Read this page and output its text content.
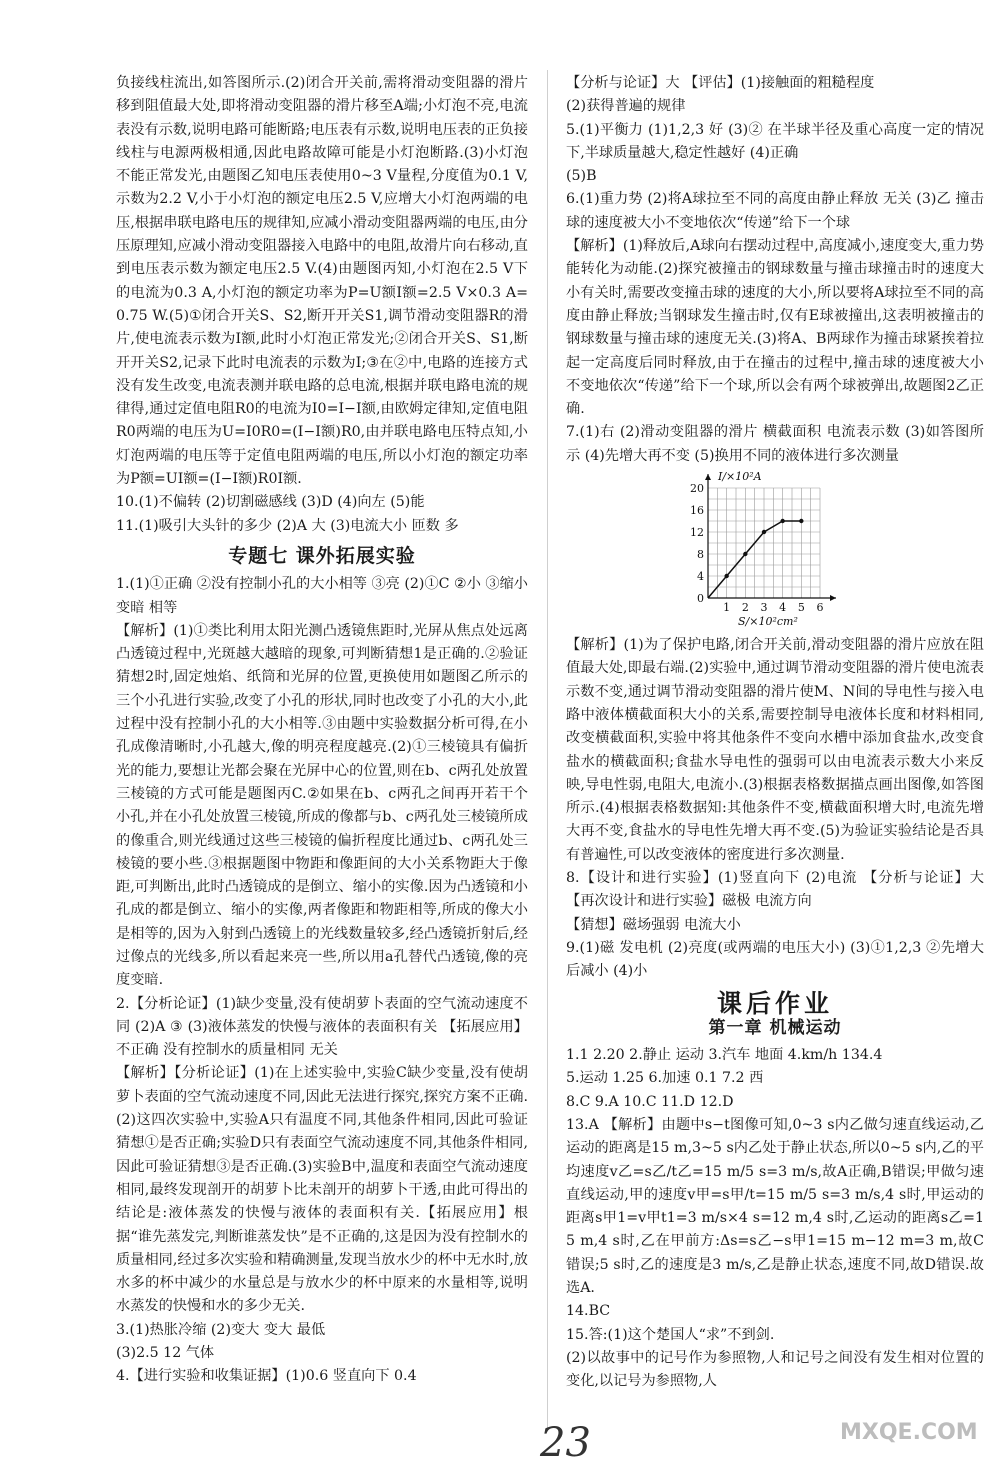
负接线柱流出,如答图所示.(2)闭合开关前,需将滑动变阻器的滑片移到阻值最大处,即将滑动变阻器的滑片移至A端;小灯泡不亮,电流表没有示数,说明电路可能断路;电压表有示数,说明电压表的正负接线柱与电源两极相通,因此电路故障可能是小灯泡断路.(3)小灯泡不能正常发光,由题图乙知电压表使用0~3 V量程,分度值为0.1 V,示数为2.2 V,小于小灯泡的额定电压2.5 V,应增大小灯泡两端的电压,根据串联电路电压的规律知,应减小滑动变阻器两端的电压,由分压原理知,应减小滑动变阻器接入电路中的电阻,故滑片向右移动,直到电压表示数为额定电压2.5 V.(4)由题图丙知,小灯泡在2.5 V下的电流为0.3 A,小灯泡的额定功率为P=U额I额=2.5 V×0.3 A=0.75 W.(5)①闭合开关S、S2,断开开关S1,调节滑动变阻器R的滑片,使电流表示数为I额,此时小灯泡正常发光;②闭合开关S、S1,断开开关S2,记录下此时电流表的示数为I;③在②中,电路的连接方式没有发生改变,电流表测并联电路的总电流,根据并联电路电流的规律得,通过定值电阻R0的电流为I0=I−I额,由欧姆定律知,定值电阻R0两端的电压为U=I0R0=(I−I额)R0,由并联电路电压特点知,小灯泡两端的电压等于定值电阻两端的电压,所以小灯泡的额定功率为P额=UI额=(I−I额)R0I额.

10.(1)不偏转 (2)切割磁感线 (3)D (4)向左 (5)能

11.(1)吸引大头针的多少 (2)A 大 (3)电流大小 匝数 多

专题七 课外拓展实验

1.(1)①正确 ②没有控制小孔的大小相等 ③亮 (2)①C ②小 ③缩小 变暗 相等

【解析】(1)①类比利用太阳光测凸透镜焦距时,光屏从焦点处远离凸透镜过程中,光斑越大越暗的现象,可判断猜想1是正确的.②验证猜想2时,固定烛焰、纸筒和光屏的位置,更换使用如题图乙所示的三个小孔进行实验,改变了小孔的形状,同时也改变了小孔的大小,此过程中没有控制小孔的大小相等.③由题中实验数据分析可得,在小孔成像清晰时,小孔越大,像的明亮程度越亮.(2)①三棱镜具有偏折光的能力,要想让光都会聚在光屏中心的位置,则在b、c两孔处放置三棱镜的方式可能是题图丙C.②如果在b、c两孔之间再开若干个小孔,并在小孔处放置三棱镜,所成的像都与b、c两孔处三棱镜所成的像重合,则光线通过这些三棱镜的偏折程度比通过b、c两孔处三棱镜的要小些.③根据题图中物距和像距间的大小关系物距大于像距,可判断出,此时凸透镜成的是倒立、缩小的实像.因为凸透镜和小孔成的都是倒立、缩小的实像,两者像距和物距相等,所成的像大小是相等的,因为入射到凸透镜上的光线数量较多,经凸透镜折射后,经过像点的光线多,所以看起来亮一些,所以用a孔替代凸透镜,像的亮度变暗.

2.【分析论证】(1)缺少变量,没有使胡萝卜表面的空气流动速度不同 (2)A ③ (3)液体蒸发的快慢与液体的表面积有关 【拓展应用】不正确 没有控制水的质量相同 无关

【解析】【分析论证】(1)在上述实验中,实验C缺少变量,没有使胡萝卜表面的空气流动速度不同,因此无法进行探究,探究方案不正确.(2)这四次实验中,实验A只有温度不同,其他条件相同,因此可验证猜想①是否正确;实验D只有表面空气流动速度不同,其他条件相同,因此可验证猜想③是否正确.(3)实验B中,温度和表面空气流动速度相同,最终发现剖开的胡萝卜比未剖开的胡萝卜干透,由此可得出的结论是:液体蒸发的快慢与液体的表面积有关.【拓展应用】根据“谁先蒸发完,判断谁蒸发快”是不正确的,这是因为没有控制水的质量相同,经过多次实验和精确测量,发现当放水少的杯中无水时,放水多的杯中减少的水量总是与放水少的杯中原来的水量相等,说明水蒸发的快慢和水的多少无关.

3.(1)热胀冷缩 (2)变大 变大 最低

(3)2.5 12 气体

4.【进行实验和收集证据】(1)0.6 竖直向下 0.4

【分析与论证】大 【评估】(1)接触面的粗糙程度

(2)获得普遍的规律

5.(1)平衡力 (1)1,2,3 好 (3)② 在半球半径及重心高度一定的情况下,半球质量越大,稳定性越好 (4)正确

(5)B

6.(1)重力势 (2)将A球拉至不同的高度由静止释放 无关 (3)乙 撞击球的速度被大小不变地依次“传递”给下一个球

【解析】(1)释放后,A球向右摆动过程中,高度减小,速度变大,重力势能转化为动能.(2)探究被撞击的钢球数量与撞击球撞击时的速度大小有关时,需要改变撞击球的速度的大小,所以要将A球拉至不同的高度由静止释放;当钢球发生撞击时,仅有E球被撞出,这表明被撞击的钢球数量与撞击球的速度无关.(3)将A、B两球作为撞击球紧挨着拉起一定高度后同时释放,由于在撞击的过程中,撞击球的速度被大小不变地依次“传递”给下一个球,所以会有两个球被弹出,故题图2乙正确.

7.(1)右 (2)滑动变阻器的滑片 横截面积 电流表示数 (3)如答图所示 (4)先增大再不变 (5)换用不同的液体进行多次测量

20
16
12
8
4
0
1 2 3 4 5 6
I/×10²A
S/×10²cm²

【解析】(1)为了保护电路,闭合开关前,滑动变阻器的滑片应放在阻值最大处,即最右端.(2)实验中,通过调节滑动变阻器的滑片使电流表示数不变,通过调节滑动变阻器的滑片使M、N间的导电性与接入电路中液体横截面积大小的关系,需要控制导电液体长度和材料相同,改变横截面积,实验中将其他条件不变向水槽中添加食盐水,改变食盐水的横截面积;食盐水导电性的强弱可以由电流表示数大小来反映,导电性弱,电阻大,电流小.(3)根据表格数据描点画出图像,如答图所示.(4)根据表格数据知:其他条件不变,横截面积增大时,电流先增大再不变,食盐水的导电性先增大再不变.(5)为验证实验结论是否具有普遍性,可以改变液体的密度进行多次测量.

8.【设计和进行实验】(1)竖直向下 (2)电流 【分析与论证】大 【再次设计和进行实验】磁极 电流方向

【猜想】磁场强弱 电流大小

9.(1)磁 发电机 (2)亮度(或两端的电压大小) (3)①1,2,3 ②先增大后减小 (4)小

课后作业
第一章 机械运动

1.1 2.20 2.静止 运动 3.汽车 地面 4.km/h 134.4

5.运动 1.25 6.加速 0.1 7.2 西

8.C 9.A 10.C 11.D 12.D

13.A 【解析】由题中s−t图像可知,0~3 s内乙做匀速直线运动,乙运动的距离是15 m,3~5 s内乙处于静止状态,所以0~5 s内,乙的平均速度v乙=s乙/t乙=15 m/5 s=3 m/s,故A正确,B错误;甲做匀速直线运动,甲的速度v甲=s甲/t=15 m/5 s=3 m/s,4 s时,甲运动的距离s甲1=v甲t1=3 m/s×4 s=12 m,4 s时,乙运动的距离s乙=15 m,4 s时,乙在甲前方:Δs=s乙−s甲1=15 m−12 m=3 m,故C错误;5 s时,乙的速度是3 m/s,乙是静止状态,速度不同,故D错误.故选A.

14.BC

15.答:(1)这个楚国人“求”不到剑.

(2)以故事中的记号作为参照物,人和记号之间没有发生相对位置的变化,以记号为参照物,人

23	MXQE.COM
